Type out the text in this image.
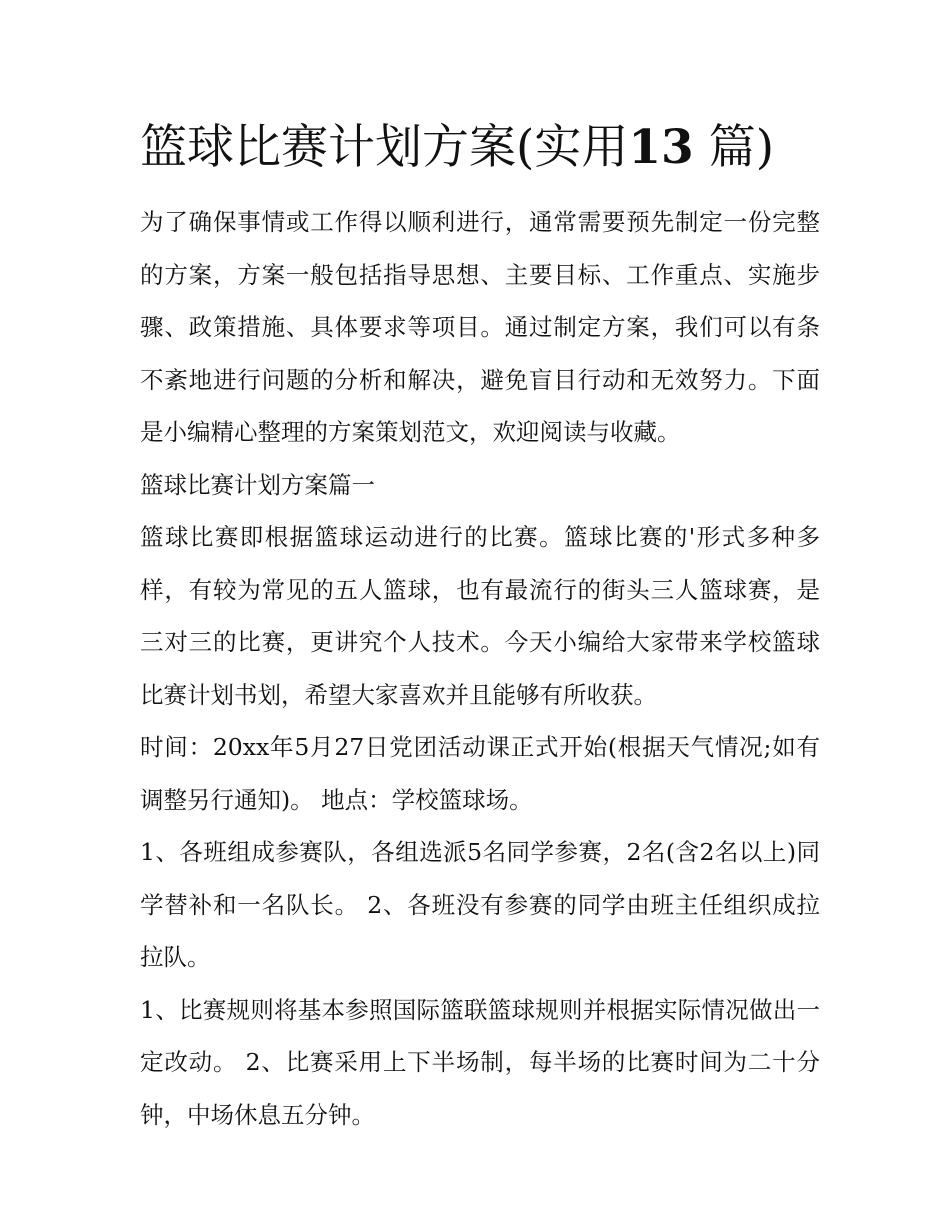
篮球比赛计划方案(实用13 篇)

为了确保事情或工作得以顺利进行，通常需要预先制定一份完整的方案，方案一般包括指导思想、主要目标、工作重点、实施步骤、政策措施、具体要求等项目。通过制定方案，我们可以有条不紊地进行问题的分析和解决，避免盲目行动和无效努力。下面是小编精心整理的方案策划范文，欢迎阅读与收藏。

篮球比赛计划方案篇一

篮球比赛即根据篮球运动进行的比赛。篮球比赛的'形式多种多样，有较为常见的五人篮球，也有最流行的街头三人篮球赛，是三对三的比赛，更讲究个人技术。今天小编给大家带来学校篮球比赛计划书划，希望大家喜欢并且能够有所收获。

时间：20xx年5月27日党团活动课正式开始(根据天气情况;如有调整另行通知)。 地点：学校篮球场。

1、各班组成参赛队，各组选派5名同学参赛，2名(含2名以上)同学替补和一名队长。 2、各班没有参赛的同学由班主任组织成拉拉队。

1、比赛规则将基本参照国际篮联篮球规则并根据实际情况做出一定改动。 2、比赛采用上下半场制，每半场的比赛时间为二十分钟，中场休息五分钟。
